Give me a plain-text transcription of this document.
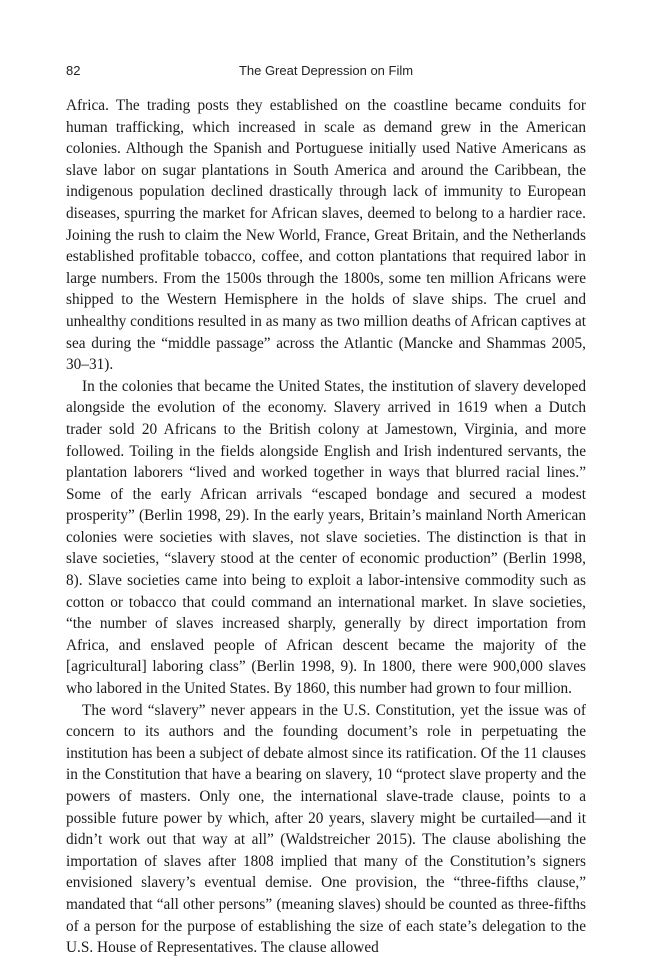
82	The Great Depression on Film

Africa. The trading posts they established on the coastline became conduits for human trafficking, which increased in scale as demand grew in the American colonies. Although the Spanish and Portuguese initially used Native Americans as slave labor on sugar plantations in South America and around the Caribbean, the indigenous population declined drastically through lack of immunity to European diseases, spurring the market for African slaves, deemed to belong to a hardier race. Joining the rush to claim the New World, France, Great Britain, and the Netherlands established profitable tobacco, coffee, and cotton plantations that required labor in large numbers. From the 1500s through the 1800s, some ten million Africans were shipped to the Western Hemisphere in the holds of slave ships. The cruel and unhealthy conditions resulted in as many as two million deaths of African captives at sea during the “middle passage” across the Atlantic (Mancke and Shammas 2005, 30–31).

In the colonies that became the United States, the institution of slavery developed alongside the evolution of the economy. Slavery arrived in 1619 when a Dutch trader sold 20 Africans to the British colony at Jamestown, Virginia, and more followed. Toiling in the fields alongside English and Irish indentured servants, the plantation laborers “lived and worked together in ways that blurred racial lines.” Some of the early African arrivals “escaped bondage and secured a modest prosperity” (Berlin 1998, 29). In the early years, Britain’s mainland North American colonies were societies with slaves, not slave societies. The distinction is that in slave societies, “slavery stood at the center of economic production” (Berlin 1998, 8). Slave societies came into being to exploit a labor-intensive commodity such as cotton or tobacco that could command an international market. In slave societies, “the number of slaves increased sharply, generally by direct importation from Africa, and enslaved people of African descent became the majority of the [agricultural] laboring class” (Berlin 1998, 9). In 1800, there were 900,000 slaves who labored in the United States. By 1860, this number had grown to four million.

The word “slavery” never appears in the U.S. Constitution, yet the issue was of concern to its authors and the founding document’s role in perpetuating the institution has been a subject of debate almost since its ratification. Of the 11 clauses in the Constitution that have a bearing on slavery, 10 “protect slave property and the powers of masters. Only one, the international slave-trade clause, points to a possible future power by which, after 20 years, slavery might be curtailed—and it didn’t work out that way at all” (Waldstreicher 2015). The clause abolishing the importation of slaves after 1808 implied that many of the Constitution’s signers envisioned slavery’s eventual demise. One provision, the “three-fifths clause,” mandated that “all other persons” (meaning slaves) should be counted as three-fifths of a person for the purpose of establishing the size of each state’s delegation to the U.S. House of Representatives. The clause allowed
